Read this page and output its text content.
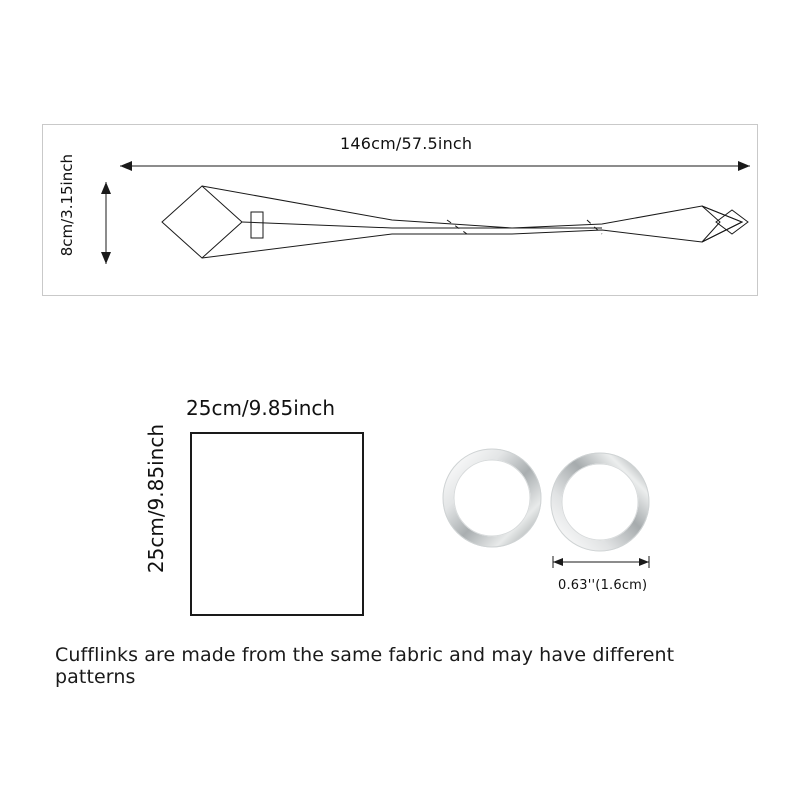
146cm/57.5inch
8cm/3.15inch
25cm/9.85inch
25cm/9.85inch
0.63''(1.6cm)
Cufflinks are made from the same fabric and may have different patterns
